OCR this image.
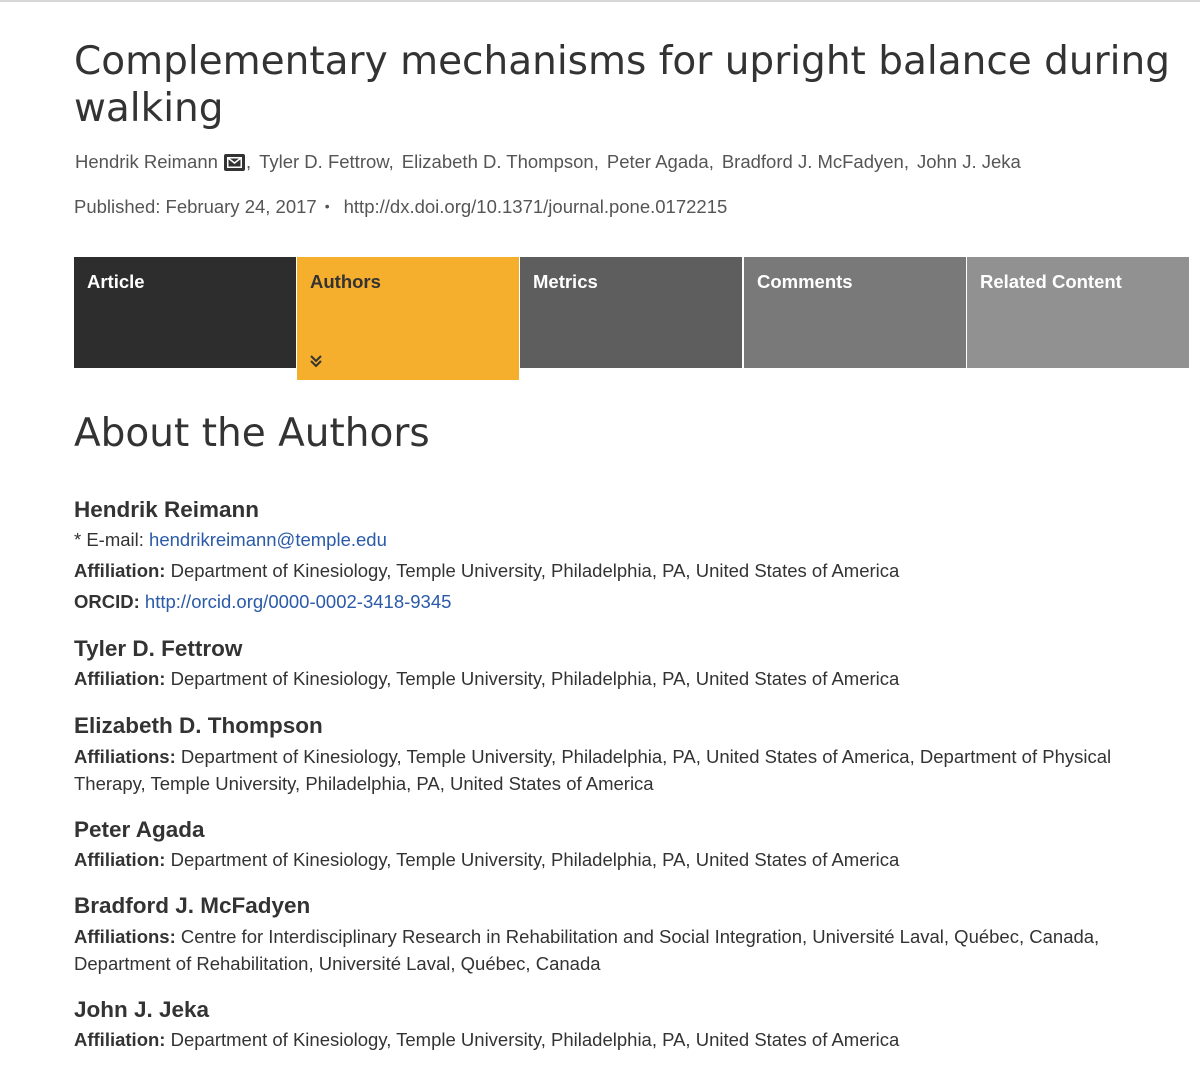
Complementary mechanisms for upright balance during walking
Hendrik Reimann , Tyler D. Fettrow, Elizabeth D. Thompson, Peter Agada, Bradford J. McFadyen, John J. Jeka
Published: February 24, 2017 • http://dx.doi.org/10.1371/journal.pone.0172215
Article	Authors	Metrics	Comments	Related Content
About the Authors
Hendrik Reimann
* E-mail: hendrikreimann@temple.edu
Affiliation: Department of Kinesiology, Temple University, Philadelphia, PA, United States of America
ORCID: http://orcid.org/0000-0002-3418-9345
Tyler D. Fettrow
Affiliation: Department of Kinesiology, Temple University, Philadelphia, PA, United States of America
Elizabeth D. Thompson
Affiliations: Department of Kinesiology, Temple University, Philadelphia, PA, United States of America, Department of Physical Therapy, Temple University, Philadelphia, PA, United States of America
Peter Agada
Affiliation: Department of Kinesiology, Temple University, Philadelphia, PA, United States of America
Bradford J. McFadyen
Affiliations: Centre for Interdisciplinary Research in Rehabilitation and Social Integration, Université Laval, Québec, Canada, Department of Rehabilitation, Université Laval, Québec, Canada
John J. Jeka
Affiliation: Department of Kinesiology, Temple University, Philadelphia, PA, United States of America
